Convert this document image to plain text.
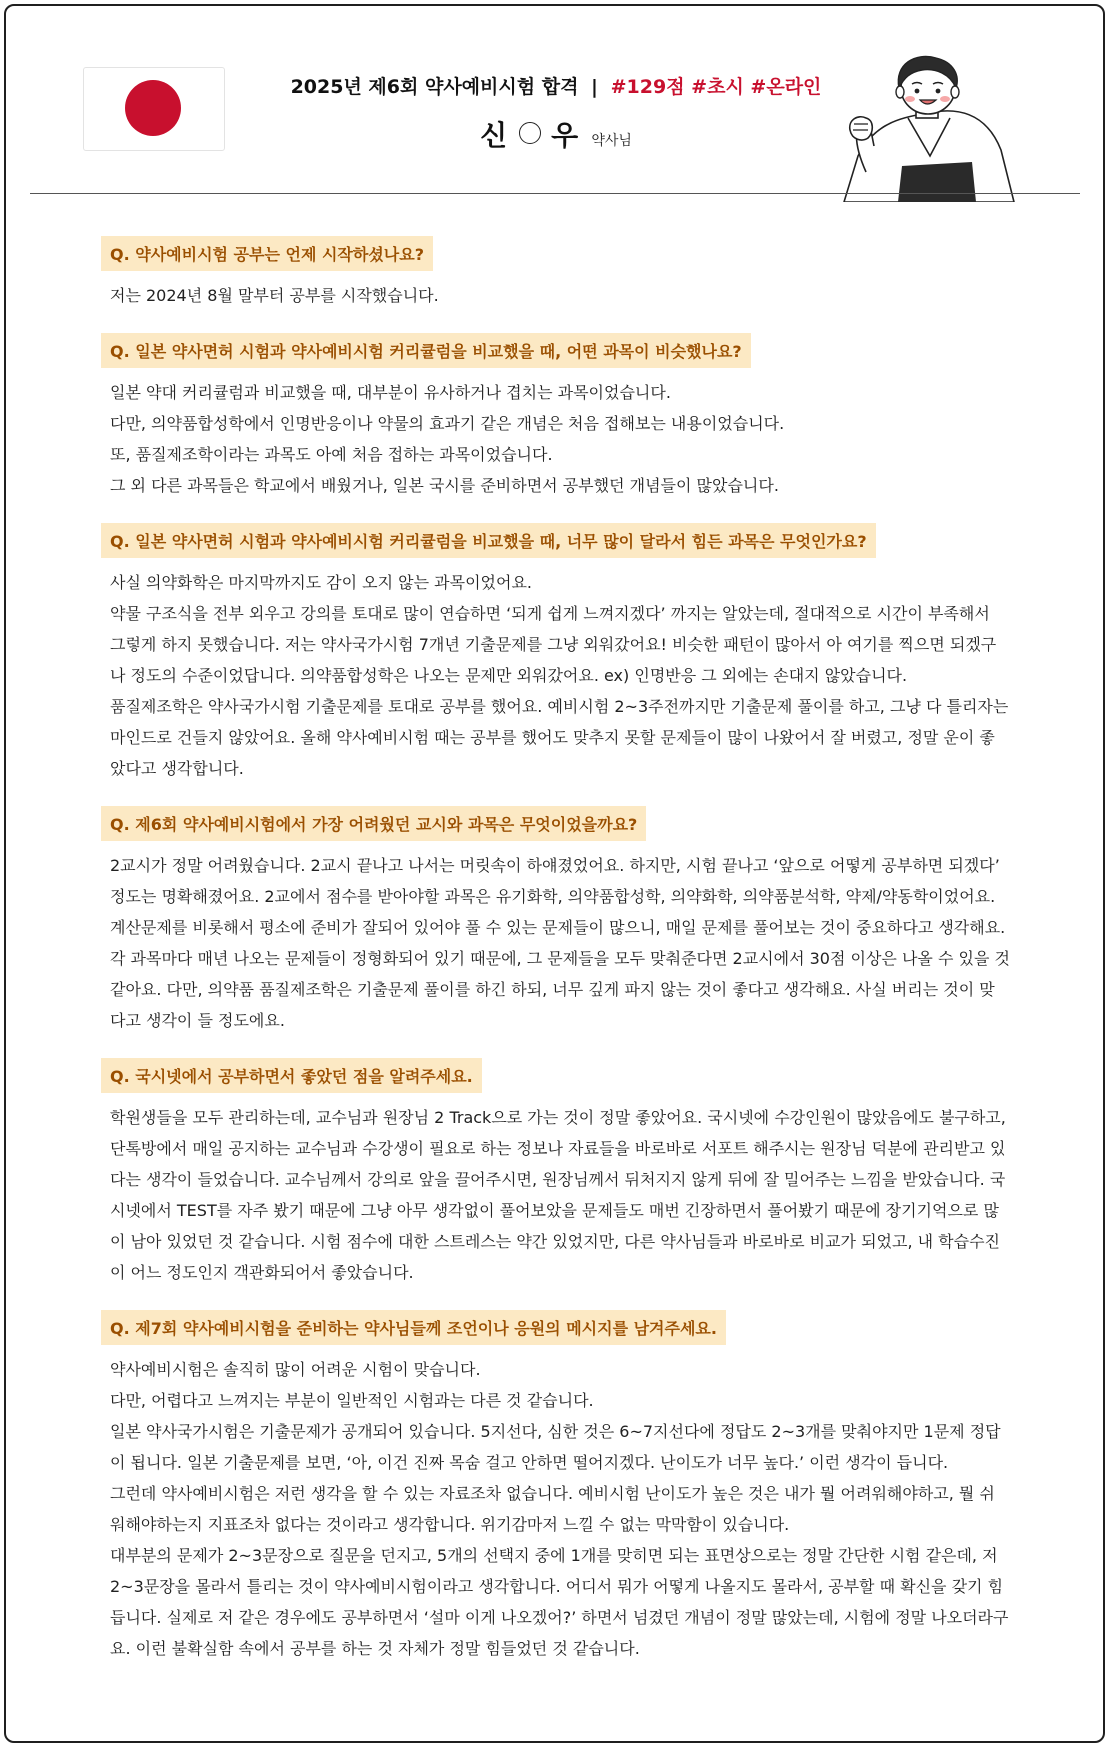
2025년 제6회 약사예비시험 합격 | #129점 #초시 #온라인
신 우 약사님
Q. 약사예비시험 공부는 언제 시작하셨나요?

저는 2024년 8월 말부터 공부를 시작했습니다.

Q. 일본 약사면허 시험과 약사예비시험 커리큘럼을 비교했을 때, 어떤 과목이 비슷했나요?

일본 약대 커리큘럼과 비교했을 때, 대부분이 유사하거나 겹치는 과목이었습니다.

다만, 의약품합성학에서 인명반응이나 약물의 효과기 같은 개념은 처음 접해보는 내용이었습니다.

또, 품질제조학이라는 과목도 아예 처음 접하는 과목이었습니다.

그 외 다른 과목들은 학교에서 배웠거나, 일본 국시를 준비하면서 공부했던 개념들이 많았습니다.

Q. 일본 약사면허 시험과 약사예비시험 커리큘럼을 비교했을 때, 너무 많이 달라서 힘든 과목은 무엇인가요?

사실 의약화학은 마지막까지도 감이 오지 않는 과목이었어요.

약물 구조식을 전부 외우고 강의를 토대로 많이 연습하면 ‘되게 쉽게 느껴지겠다’ 까지는 알았는데, 절대적으로 시간이 부족해서 그렇게 하지 못했습니다. 저는 약사국가시험 7개년 기출문제를 그냥 외워갔어요! 비슷한 패턴이 많아서 아 여기를 찍으면 되겠구나 정도의 수준이었답니다. 의약품합성학은 나오는 문제만 외워갔어요. ex) 인명반응 그 외에는 손대지 않았습니다.

품질제조학은 약사국가시험 기출문제를 토대로 공부를 했어요. 예비시험 2~3주전까지만 기출문제 풀이를 하고, 그냥 다 틀리자는 마인드로 건들지 않았어요. 올해 약사예비시험 때는 공부를 했어도 맞추지 못할 문제들이 많이 나왔어서 잘 버렸고, 정말 운이 좋았다고 생각합니다.

Q. 제6회 약사예비시험에서 가장 어려웠던 교시와 과목은 무엇이었을까요?

2교시가 정말 어려웠습니다. 2교시 끝나고 나서는 머릿속이 하얘졌었어요. 하지만, 시험 끝나고 ‘앞으로 어떻게 공부하면 되겠다’ 정도는 명확해졌어요. 2교에서 점수를 받아야할 과목은 유기화학, 의약품합성학, 의약화학, 의약품분석학, 약제/약동학이었어요. 계산문제를 비롯해서 평소에 준비가 잘되어 있어야 풀 수 있는 문제들이 많으니, 매일 문제를 풀어보는 것이 중요하다고 생각해요. 각 과목마다 매년 나오는 문제들이 정형화되어 있기 때문에, 그 문제들을 모두 맞춰준다면 2교시에서 30점 이상은 나올 수 있을 것 같아요. 다만, 의약품 품질제조학은 기출문제 풀이를 하긴 하되, 너무 깊게 파지 않는 것이 좋다고 생각해요. 사실 버리는 것이 맞다고 생각이 들 정도에요.

Q. 국시넷에서 공부하면서 좋았던 점을 알려주세요.

학원생들을 모두 관리하는데, 교수님과 원장님 2 Track으로 가는 것이 정말 좋았어요. 국시넷에 수강인원이 많았음에도 불구하고, 단톡방에서 매일 공지하는 교수님과 수강생이 필요로 하는 정보나 자료들을 바로바로 서포트 해주시는 원장님 덕분에 관리받고 있다는 생각이 들었습니다. 교수님께서 강의로 앞을 끌어주시면, 원장님께서 뒤처지지 않게 뒤에 잘 밀어주는 느낌을 받았습니다. 국시넷에서 TEST를 자주 봤기 때문에 그냥 아무 생각없이 풀어보았을 문제들도 매번 긴장하면서 풀어봤기 때문에 장기기억으로 많이 남아 있었던 것 같습니다. 시험 점수에 대한 스트레스는 약간 있었지만, 다른 약사님들과 바로바로 비교가 되었고, 내 학습수진이 어느 정도인지 객관화되어서 좋았습니다.

Q. 제7회 약사예비시험을 준비하는 약사님들께 조언이나 응원의 메시지를 남겨주세요.

약사예비시험은 솔직히 많이 어려운 시험이 맞습니다.

다만, 어렵다고 느껴지는 부분이 일반적인 시험과는 다른 것 같습니다.

일본 약사국가시험은 기출문제가 공개되어 있습니다. 5지선다, 심한 것은 6~7지선다에 정답도 2~3개를 맞춰야지만 1문제 정답이 됩니다. 일본 기출문제를 보면, ‘아, 이건 진짜 목숨 걸고 안하면 떨어지겠다. 난이도가 너무 높다.’ 이런 생각이 듭니다.

그런데 약사예비시험은 저런 생각을 할 수 있는 자료조차 없습니다. 예비시험 난이도가 높은 것은 내가 뭘 어려워해야하고, 뭘 쉬워해야하는지 지표조차 없다는 것이라고 생각합니다. 위기감마저 느낄 수 없는 막막함이 있습니다.

대부분의 문제가 2~3문장으로 질문을 던지고, 5개의 선택지 중에 1개를 맞히면 되는 표면상으로는 정말 간단한 시험 같은데, 저 2~3문장을 몰라서 틀리는 것이 약사예비시험이라고 생각합니다. 어디서 뭐가 어떻게 나올지도 몰라서, 공부할 때 확신을 갖기 힘듭니다. 실제로 저 같은 경우에도 공부하면서 ‘설마 이게 나오겠어?’ 하면서 넘겼던 개념이 정말 많았는데, 시험에 정말 나오더라구요. 이런 불확실함 속에서 공부를 하는 것 자체가 정말 힘들었던 것 같습니다.
